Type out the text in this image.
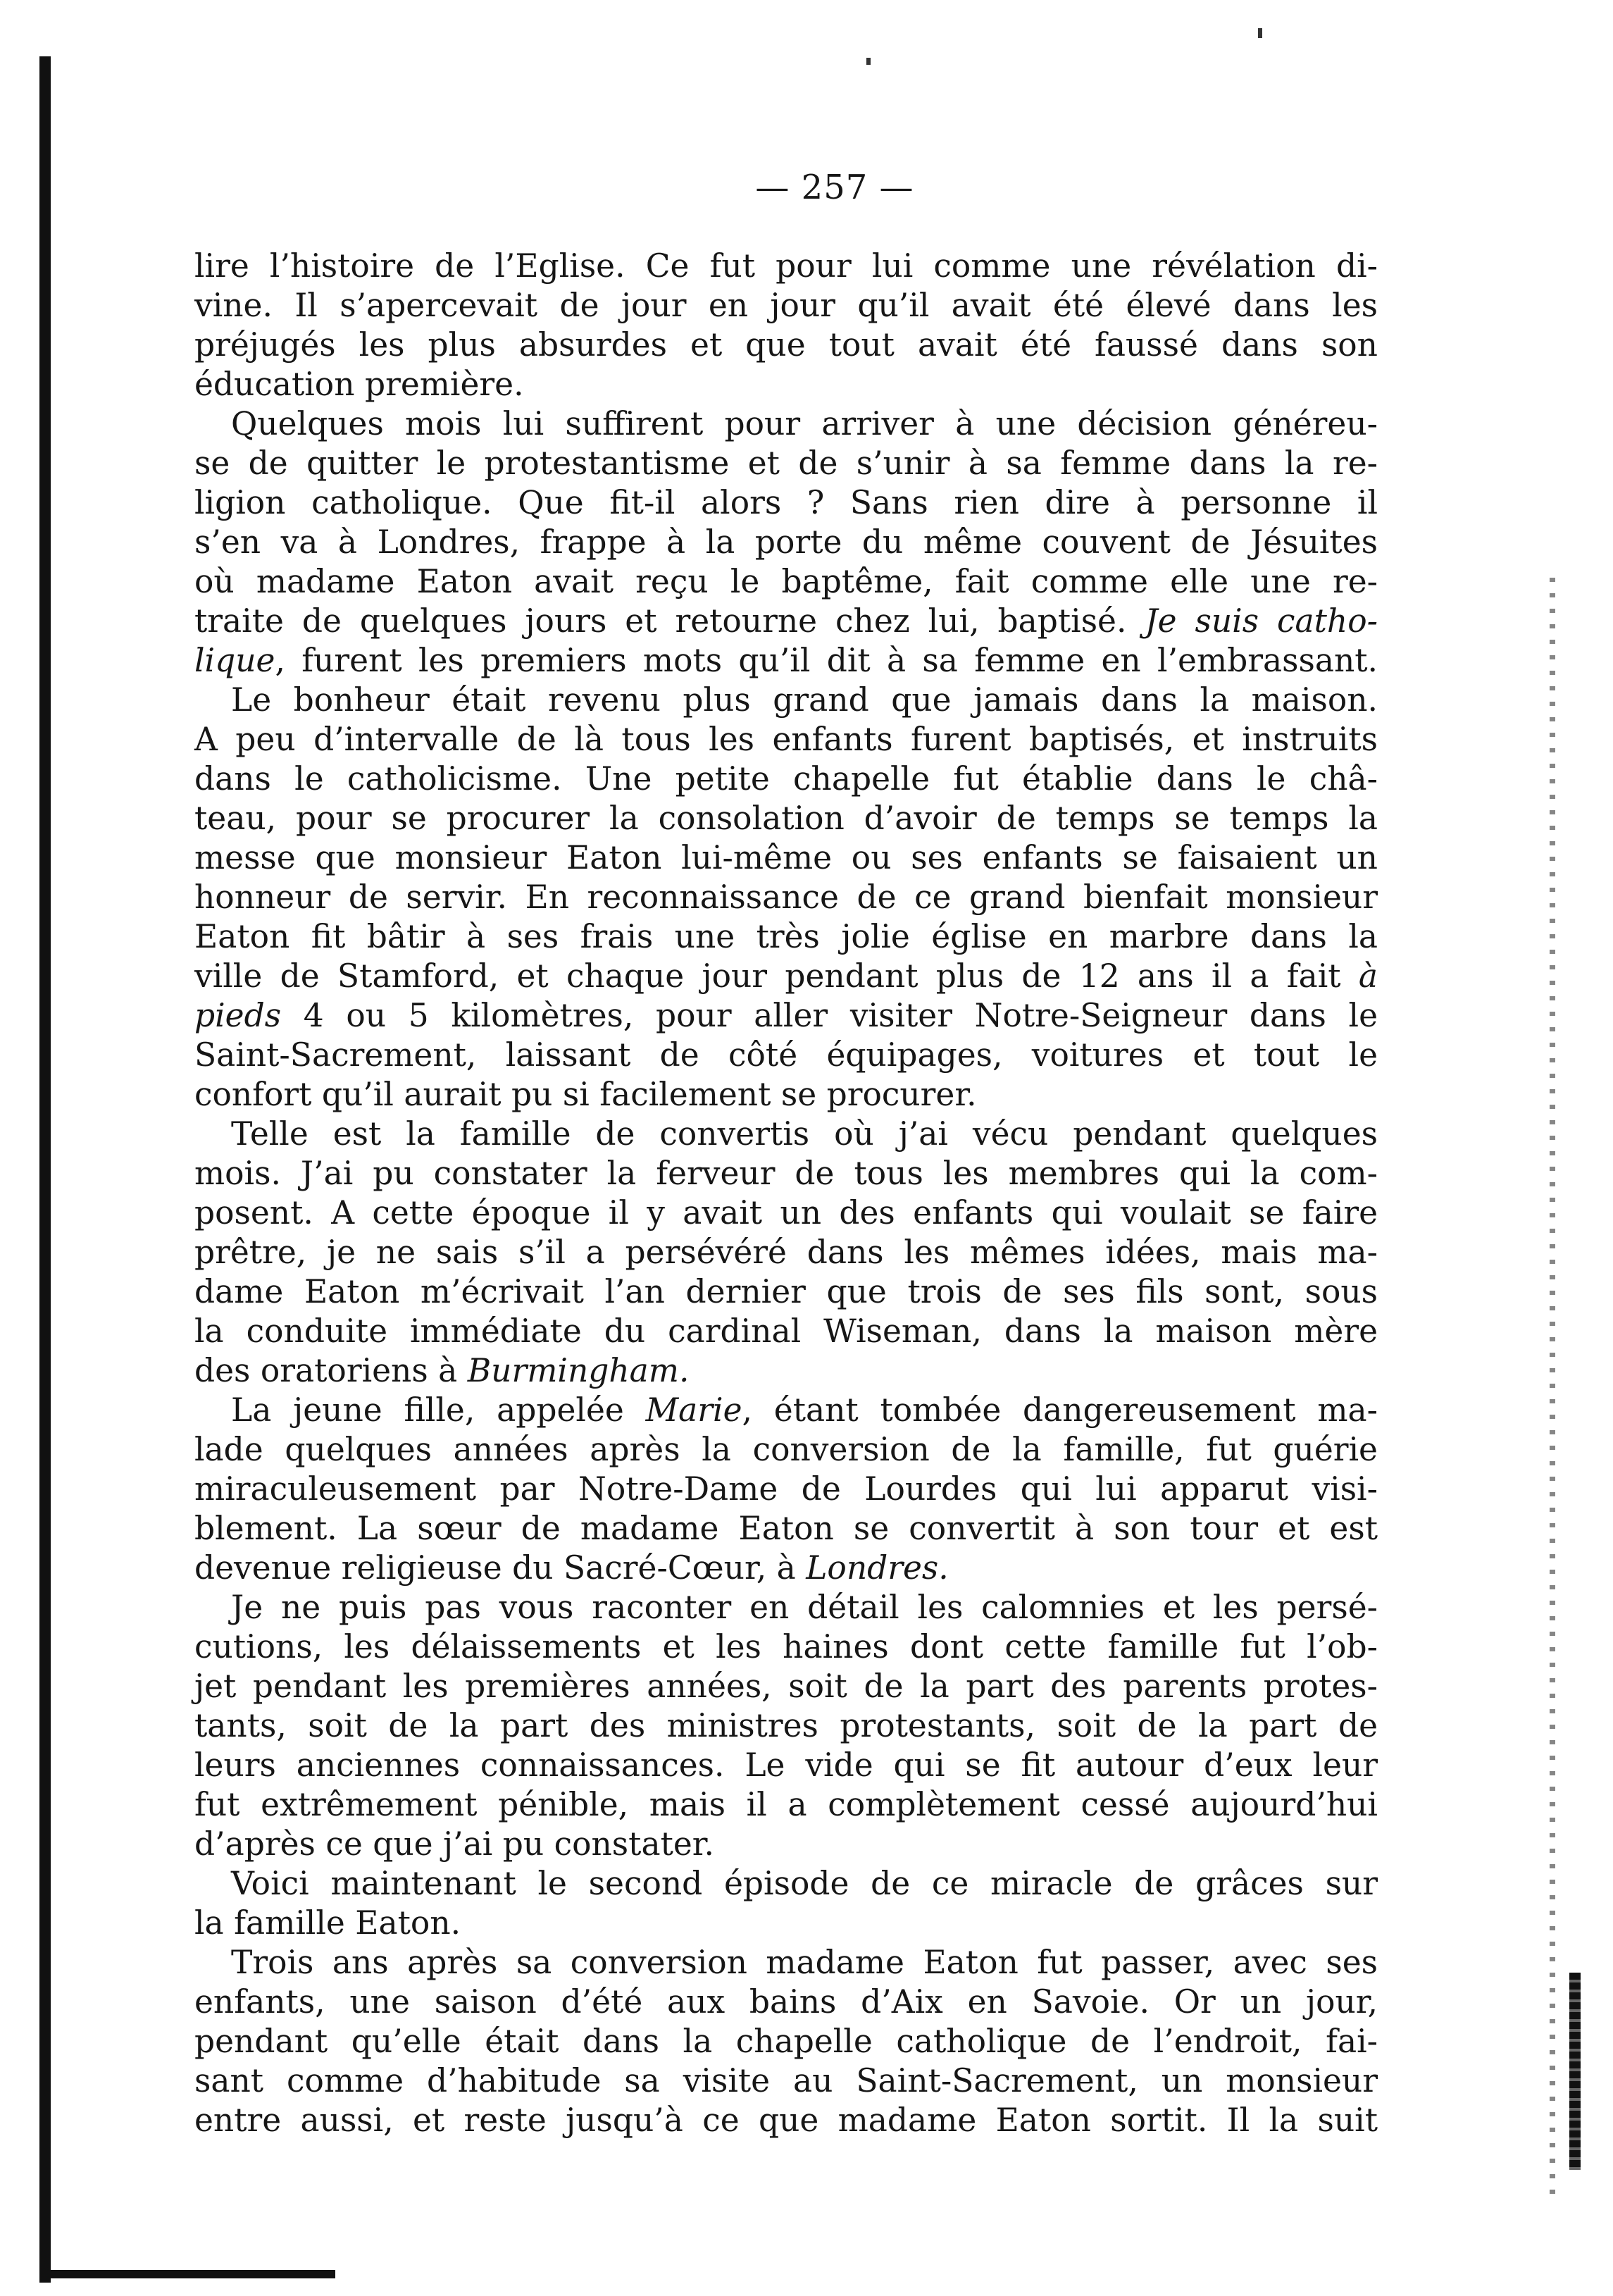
— 257 —
lire l’histoire de l’Eglise. Ce fut pour lui comme une révélation di-
vine. Il s’apercevait de jour en jour qu’il avait été élevé dans les
préjugés les plus absurdes et que tout avait été faussé dans son
éducation première.
Quelques mois lui suffirent pour arriver à une décision généreu-
se de quitter le protestantisme et de s’unir à sa femme dans la re-
ligion catholique. Que fit-il alors ? Sans rien dire à personne il
s’en va à Londres, frappe à la porte du même couvent de Jésuites
où madame Eaton avait reçu le baptême, fait comme elle une re-
traite de quelques jours et retourne chez lui, baptisé. Je suis catho-
lique, furent les premiers mots qu’il dit à sa femme en l’embrassant.
Le bonheur était revenu plus grand que jamais dans la maison.
A peu d’intervalle de là tous les enfants furent baptisés, et instruits
dans le catholicisme. Une petite chapelle fut établie dans le châ-
teau, pour se procurer la consolation d’avoir de temps se temps la
messe que monsieur Eaton lui-même ou ses enfants se faisaient un
honneur de servir. En reconnaissance de ce grand bienfait monsieur
Eaton fit bâtir à ses frais une très jolie église en marbre dans la
ville de Stamford, et chaque jour pendant plus de 12 ans il a fait à
pieds 4 ou 5 kilomètres, pour aller visiter Notre-Seigneur dans le
Saint-Sacrement, laissant de côté équipages, voitures et tout le
confort qu’il aurait pu si facilement se procurer.
Telle est la famille de convertis où j’ai vécu pendant quelques
mois. J’ai pu constater la ferveur de tous les membres qui la com-
posent. A cette époque il y avait un des enfants qui voulait se faire
prêtre, je ne sais s’il a persévéré dans les mêmes idées, mais ma-
dame Eaton m’écrivait l’an dernier que trois de ses fils sont, sous
la conduite immédiate du cardinal Wiseman, dans la maison mère
des oratoriens à Burmingham.
La jeune fille, appelée Marie, étant tombée dangereusement ma-
lade quelques années après la conversion de la famille, fut guérie
miraculeusement par Notre-Dame de Lourdes qui lui apparut visi-
blement. La sœur de madame Eaton se convertit à son tour et est
devenue religieuse du Sacré-Cœur, à Londres.
Je ne puis pas vous raconter en détail les calomnies et les persé-
cutions, les délaissements et les haines dont cette famille fut l’ob-
jet pendant les premières années, soit de la part des parents protes-
tants, soit de la part des ministres protestants, soit de la part de
leurs anciennes connaissances. Le vide qui se fit autour d’eux leur
fut extrêmement pénible, mais il a complètement cessé aujourd’hui
d’après ce que j’ai pu constater.
Voici maintenant le second épisode de ce miracle de grâces sur
la famille Eaton.
Trois ans après sa conversion madame Eaton fut passer, avec ses
enfants, une saison d’été aux bains d’Aix en Savoie. Or un jour,
pendant qu’elle était dans la chapelle catholique de l’endroit, fai-
sant comme d’habitude sa visite au Saint-Sacrement, un monsieur
entre aussi, et reste jusqu’à ce que madame Eaton sortit. Il la suit
